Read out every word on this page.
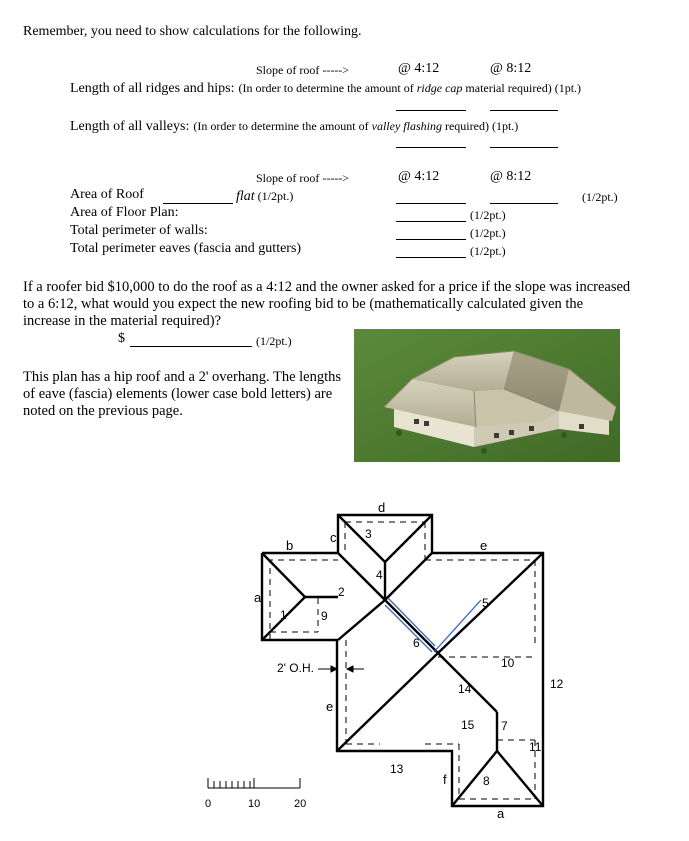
Remember, you need to show calculations for the following.
Slope of roof ----->	@ 4:12	@ 8:12
Length of all ridges and hips: (In order to determine the amount of ridge cap material required) (1pt.)
Length of all valleys: (In order to determine the amount of valley flashing required) (1pt.)
Slope of roof ----->	@ 4:12	@ 8:12
Area of Roof	flat (1/2pt.)	(1/2pt.)
Area of Floor Plan:	(1/2pt.)
Total perimeter of walls:	(1/2pt.)
Total perimeter eaves (fascia and gutters)	(1/2pt.)
If a roofer bid $10,000 to do the roof as a 4:12 and the owner asked for a price if the slope was increased to a 6:12, what would you expect the new roofing bid to be (mathematically calculated given the increase in the material required)?
$	(1/2pt.)
This plan has a hip roof and a 2' overhang. The lengths of eave (fascia) elements (lower case bold letters) are noted on the previous page.
a
b
c
d
e
e
f
a
1
2
3
4
5
6
7
8
9
10
11
12
13
14
15
2' O.H.
0	10	20
